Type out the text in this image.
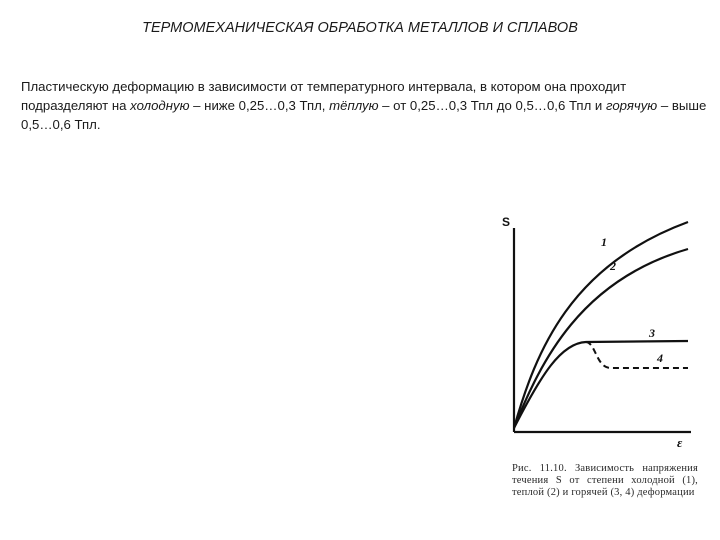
ТЕРМОМЕХАНИЧЕСКАЯ ОБРАБОТКА МЕТАЛЛОВ И СПЛАВОВ
Пластическую деформацию в зависимости от температурного интервала, в котором она проходит подразделяют на холодную – ниже 0,25…0,3 Тпл, тёплую – от 0,25…0,3 Тпл до 0,5…0,6 Тпл и горячую – выше 0,5…0,6 Тпл.
S
ε
1
2
3
4
Рис. 11.10. Зависимость напряжения течения S от степени холодной (1), теплой (2) и горячей (3, 4) деформации
